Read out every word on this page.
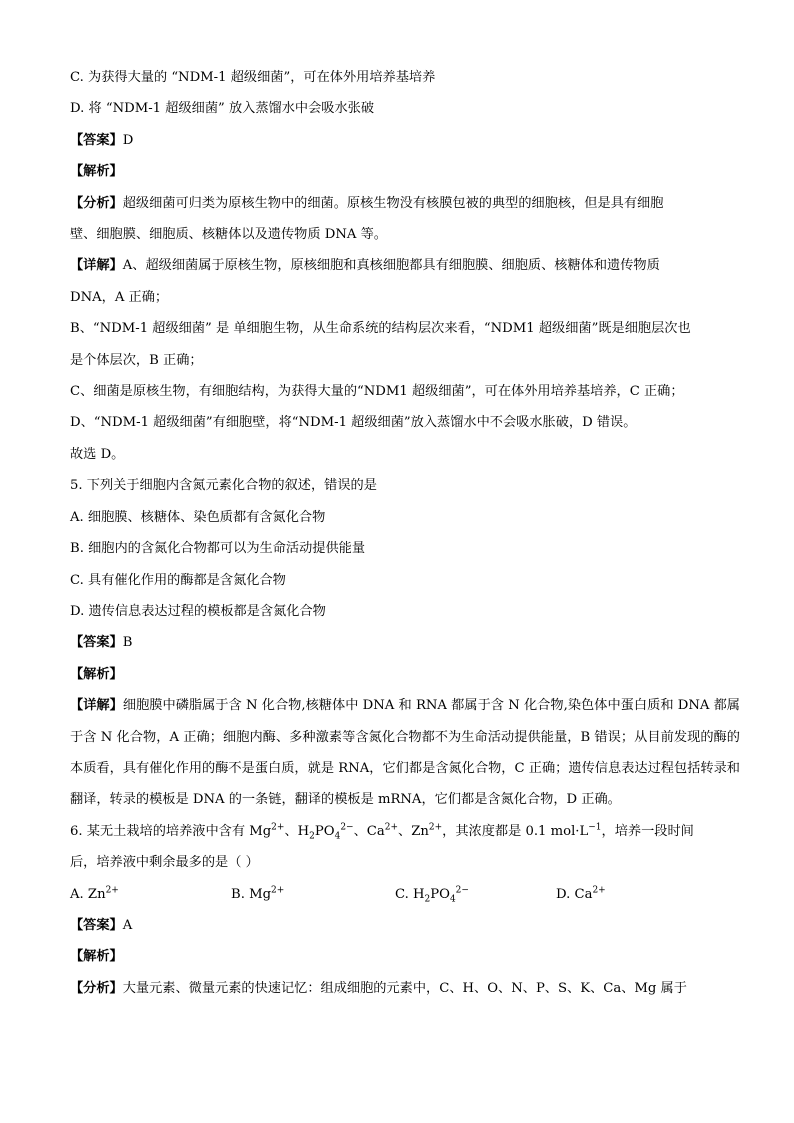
C. 为获得大量的 “NDM-1 超级细菌”，可在体外用培养基培养
D. 将 “NDM-1 超级细菌” 放入蒸馏水中会吸水张破
【答案】D
【解析】
【分析】超级细菌可归类为原核生物中的细菌。原核生物没有核膜包被的典型的细胞核，但是具有细胞
壁、细胞膜、细胞质、核糖体以及遗传物质 DNA 等。
【详解】A、超级细菌属于原核生物，原核细胞和真核细胞都具有细胞膜、细胞质、核糖体和遗传物质
DNA，A 正确；
B、“NDM-1 超级细菌” 是 单细胞生物，从生命系统的结构层次来看，“NDM1 超级细菌”既是细胞层次也
是个体层次，B 正确；
C、细菌是原核生物，有细胞结构，为获得大量的“NDM1 超级细菌”，可在体外用培养基培养，C 正确；
D、“NDM-1 超级细菌”有细胞壁，将“NDM-1 超级细菌”放入蒸馏水中不会吸水胀破，D 错误。
故选 D。
5. 下列关于细胞内含氮元素化合物的叙述，错误的是
A. 细胞膜、核糖体、染色质都有含氮化合物
B. 细胞内的含氮化合物都可以为生命活动提供能量
C. 具有催化作用的酶都是含氮化合物
D. 遗传信息表达过程的模板都是含氮化合物
【答案】B
【解析】
【详解】细胞膜中磷脂属于含 N 化合物,核糖体中 DNA 和 RNA 都属于含 N 化合物,染色体中蛋白质和 DNA 都属于含 N 化合物，A 正确；细胞内酶、多种激素等含氮化合物都不为生命活动提供能量，B 错误；从目前发现的酶的本质看，具有催化作用的酶不是蛋白质，就是 RNA，它们都是含氮化合物，C 正确；遗传信息表达过程包括转录和翻译，转录的模板是 DNA 的一条链，翻译的模板是 mRNA，它们都是含氮化合物，D 正确。
6. 某无土栽培的培养液中含有 $Mg^{2+}$、$H_2PO_4^{2-}$、$Ca^{2+}$、$Zn^{2+}$，其浓度都是 0.1 $mol\cdot L^{-1}$，培养一段时间
后，培养液中剩余最多的是（ ）
A. $Zn^{2+}$	B. $Mg^{2+}$	C. $H_2PO_4^{2-}$	D. $Ca^{2+}$
【答案】A
【解析】
【分析】大量元素、微量元素的快速记忆：组成细胞的元素中，C、H、O、N、P、S、K、Ca、Mg 属于
